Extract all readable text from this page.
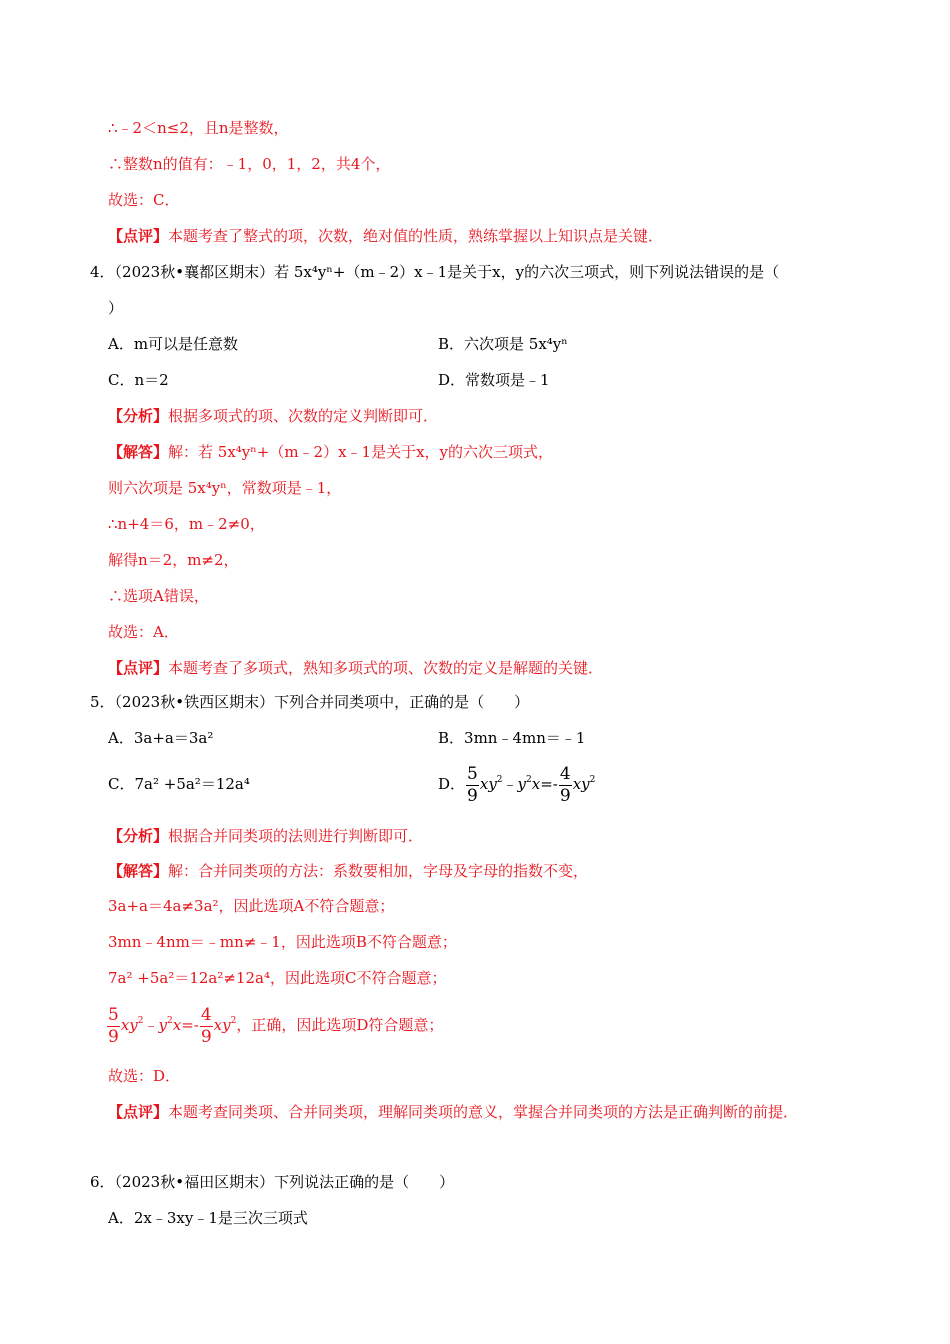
∴﹣2＜n≤2，且n是整数，
∴整数n的值有：﹣1，0，1，2，共4个，
故选：C．
【点评】本题考查了整式的项，次数，绝对值的性质，熟练掌握以上知识点是关键．
4．（2023秋•襄都区期末）若 5x⁴yⁿ+（m﹣2）x﹣1是关于x，y的六次三项式，则下列说法错误的是（
）
A．m可以是任意数	B．六次项是 5x⁴yⁿ
C．n＝2	D．常数项是﹣1
【分析】根据多项式的项、次数的定义判断即可．
【解答】解：若 5x⁴yⁿ+（m﹣2）x﹣1是关于x，y的六次三项式，
则六次项是 5x⁴yⁿ，常数项是﹣1，
∴n+4＝6，m﹣2≠0，
解得n＝2，m≠2，
∴选项A错误，
故选：A．
【点评】本题考查了多项式，熟知多项式的项、次数的定义是解题的关键．
5．（2023秋•铁西区期末）下列合并同类项中，正确的是（　　）
A．3a+a＝3a²	B．3mn﹣4mn＝﹣1
C．7a² +5a²＝12a⁴	D． $\frac{5}{9}$ $xy^2﹣y^2x=- \frac{4}{9} xy^2$
【分析】根据合并同类项的法则进行判断即可．
【解答】解：合并同类项的方法：系数要相加，字母及字母的指数不变，
3a+a＝4a≠3a²，因此选项A不符合题意；
3mn﹣4nm＝﹣mn≠﹣1，因此选项B不符合题意；
7a² +5a²＝12a²≠12a⁴，因此选项C不符合题意；
$\frac{5}{9}$ $xy^2﹣y^2x=- \frac{4}{9} xy^2$，正确，因此选项D符合题意；
故选：D．
【点评】本题考查同类项、合并同类项，理解同类项的意义，掌握合并同类项的方法是正确判断的前提．
6．（2023秋•福田区期末）下列说法正确的是（　　）
A．2x﹣3xy﹣1是三次三项式
